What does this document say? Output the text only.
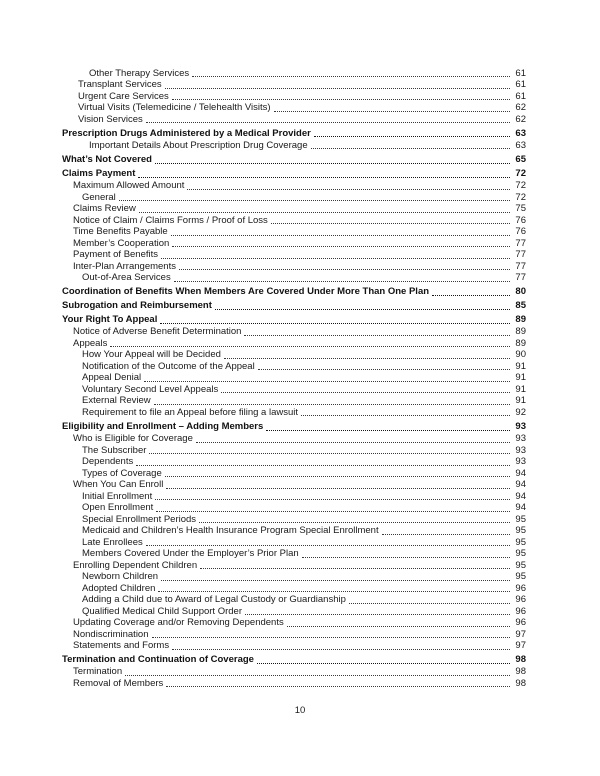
Other Therapy Services	61
Transplant Services	61
Urgent Care Services	61
Virtual Visits (Telemedicine / Telehealth Visits)	62
Vision Services	62
Prescription Drugs Administered by a Medical Provider	63
Important Details About Prescription Drug Coverage	63
What’s Not Covered	65
Claims Payment	72
Maximum Allowed Amount	72
General	72
Claims Review	75
Notice of Claim / Claims Forms / Proof of Loss	76
Time Benefits Payable	76
Member’s Cooperation	77
Payment of Benefits	77
Inter-Plan Arrangements	77
Out-of-Area Services	77
Coordination of Benefits When Members Are Covered Under More Than One Plan	80
Subrogation and Reimbursement	85
Your Right To Appeal	89
Notice of Adverse Benefit Determination	89
Appeals	89
How Your Appeal will be Decided	90
Notification of the Outcome of the Appeal	91
Appeal Denial	91
Voluntary Second Level Appeals	91
External Review	91
Requirement to file an Appeal before filing a lawsuit	92
Eligibility and Enrollment – Adding Members	93
Who is Eligible for Coverage	93
The Subscriber	93
Dependents	93
Types of Coverage	94
When You Can Enroll	94
Initial Enrollment	94
Open Enrollment	94
Special Enrollment Periods	95
Medicaid and Children’s Health Insurance Program Special Enrollment	95
Late Enrollees	95
Members Covered Under the Employer’s Prior Plan	95
Enrolling Dependent Children	95
Newborn Children	95
Adopted Children	96
Adding a Child due to Award of Legal Custody or Guardianship	96
Qualified Medical Child Support Order	96
Updating Coverage and/or Removing Dependents	96
Nondiscrimination	97
Statements and Forms	97
Termination and Continuation of Coverage	98
Termination	98
Removal of Members	98
10
